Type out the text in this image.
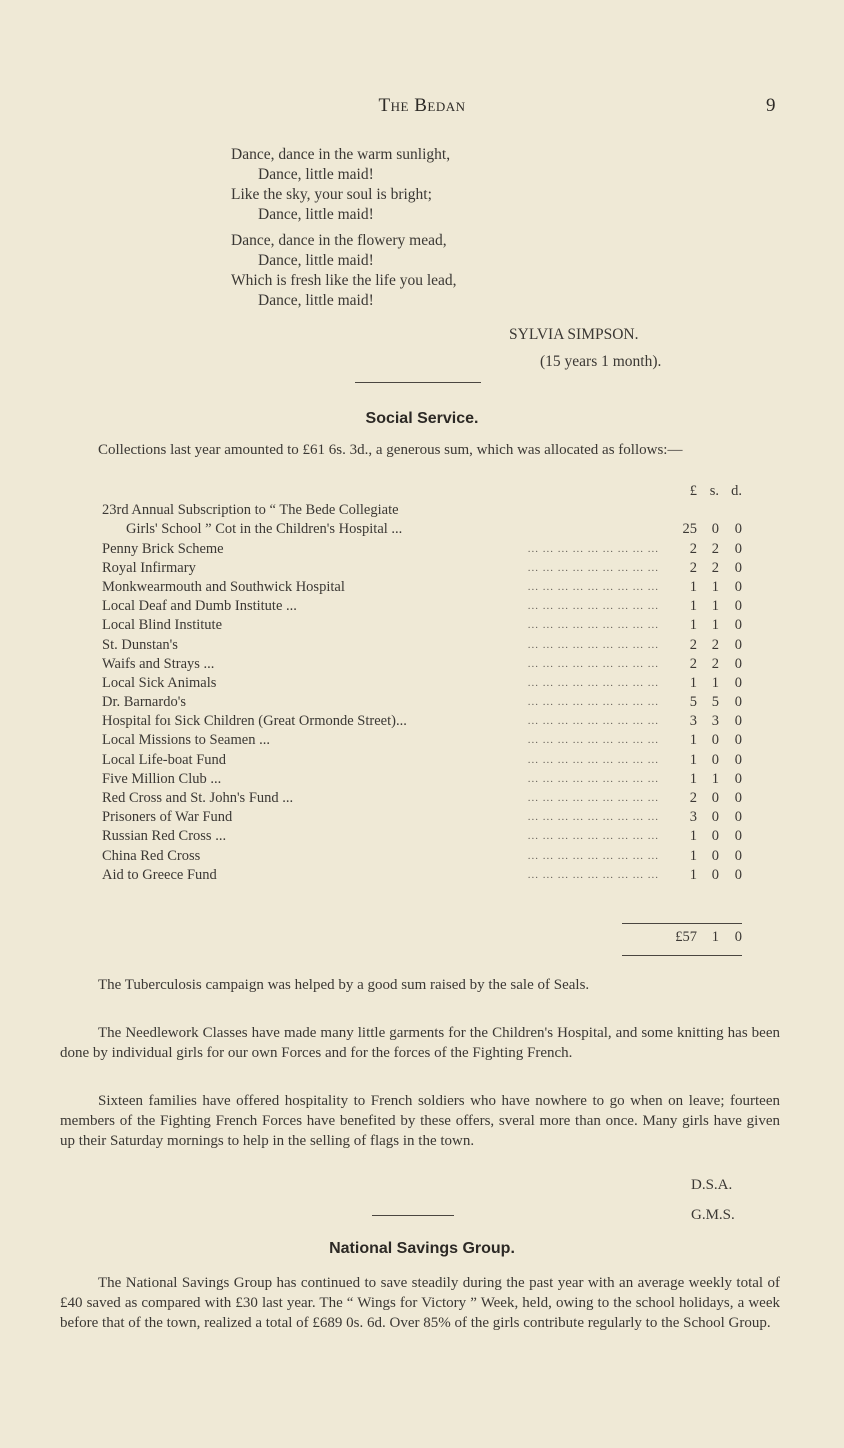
The Bedan	9
Dance, dance in the warm sunlight,
Dance, little maid!
Like the sky, your soul is bright;
Dance, little maid!
Dance, dance in the flowery mead,
Dance, little maid!
Which is fresh like the life you lead,
Dance, little maid!
SYLVIA SIMPSON.
(15 years 1 month).
Social Service.
Collections last year amounted to £61 6s. 3d., a generous sum, which was allocated as follows:—
£ s. d.
23rd Annual Subscription to “ The Bede Collegiate
Girls' School ” Cot in the Children's Hospital ...	25	0	0
... ... ... ... ... ... ... ... ...
Penny Brick Scheme	2	2	0
... ... ... ... ... ... ... ... ...
Royal Infirmary	2	2	0
... ... ... ... ... ... ... ... ...
Monkwearmouth and Southwick Hospital	1	1	0
... ... ... ... ... ... ... ... ...
Local Deaf and Dumb Institute ...	1	1	0
... ... ... ... ... ... ... ... ...
Local Blind Institute	1	1	0
... ... ... ... ... ... ... ... ...
St. Dunstan's	2	2	0
... ... ... ... ... ... ... ... ...
Waifs and Strays ...	2	2	0
... ... ... ... ... ... ... ... ...
Local Sick Animals	1	1	0
... ... ... ... ... ... ... ... ...
Dr. Barnardo's	5	5	0
... ... ... ... ... ... ... ... ...
Hospital foı Sick Children (Great Ormonde Street)...	3	3	0
... ... ... ... ... ... ... ... ...
Local Missions to Seamen ...	1	0	0
... ... ... ... ... ... ... ... ...
Local Life-boat Fund	1	0	0
... ... ... ... ... ... ... ... ...
Five Million Club ...	1	1	0
... ... ... ... ... ... ... ... ...
Red Cross and St. John's Fund ...	2	0	0
... ... ... ... ... ... ... ... ...
Prisoners of War Fund	3	0	0
... ... ... ... ... ... ... ... ...
Russian Red Cross ...	1	0	0
... ... ... ... ... ... ... ... ...
China Red Cross	1	0	0
... ... ... ... ... ... ... ... ...
Aid to Greece Fund	1	0	0
£57	1	0
The Tuberculosis campaign was helped by a good sum raised by the sale of Seals.
The Needlework Classes have made many little garments for the Children's Hospital, and some knitting has been done by individual girls for our own Forces and for the forces of the Fighting French.
Sixteen families have offered hospitality to French soldiers who have nowhere to go when on leave; fourteen members of the Fighting French Forces have benefited by these offers, sveral more than once. Many girls have given up their Saturday mornings to help in the selling of flags in the town.
D.S.A.
G.M.S.
National Savings Group.
The National Savings Group has continued to save steadily during the past year with an average weekly total of £40 saved as compared with £30 last year. The “ Wings for Victory ” Week, held, owing to the school holidays, a week before that of the town, realized a total of £689 0s. 6d. Over 85% of the girls contribute regularly to the School Group.
